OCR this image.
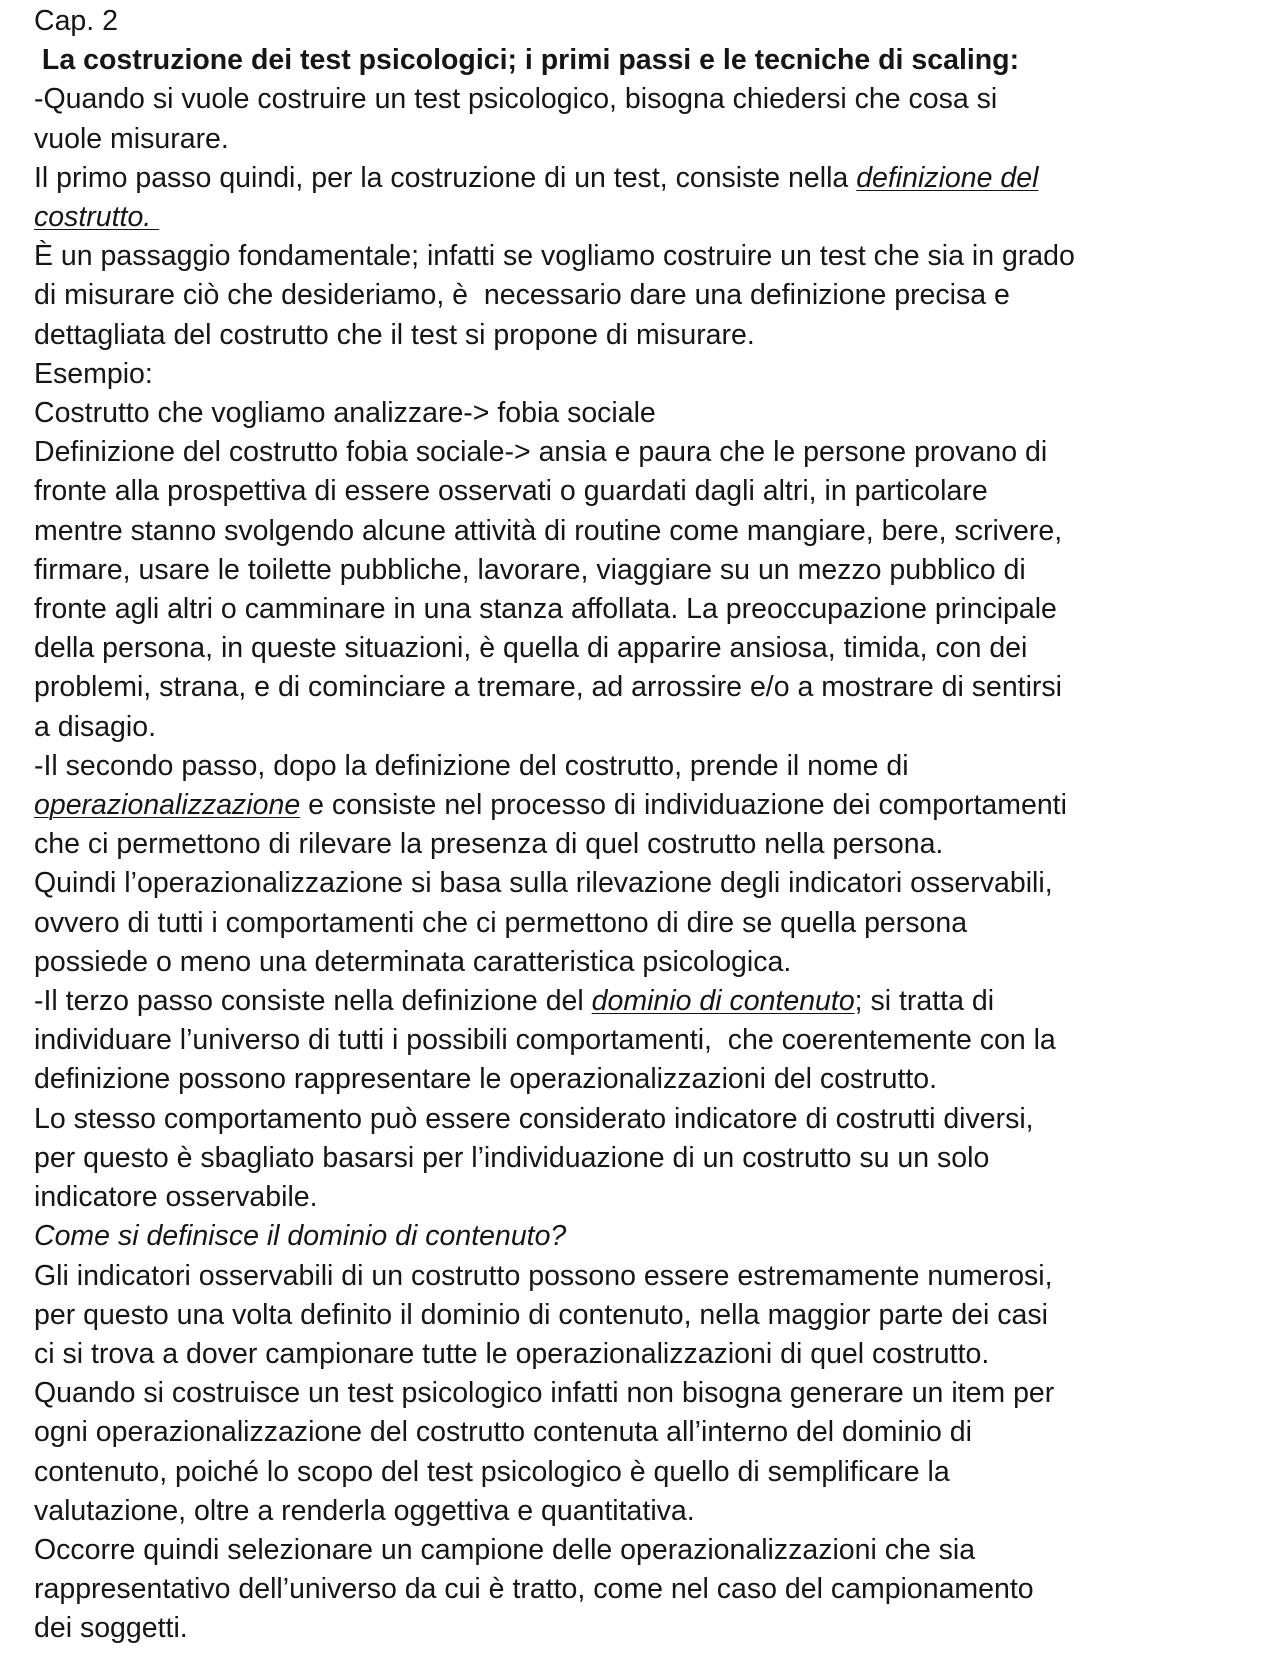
Cap. 2
La costruzione dei test psicologici; i primi passi e le tecniche di scaling:
-Quando si vuole costruire un test psicologico, bisogna chiedersi che cosa si
vuole misurare.
Il primo passo quindi, per la costruzione di un test, consiste nella definizione del
costrutto.
È un passaggio fondamentale; infatti se vogliamo costruire un test che sia in grado
di misurare ciò che desideriamo, è  necessario dare una definizione precisa e
dettagliata del costrutto che il test si propone di misurare.
Esempio:
Costrutto che vogliamo analizzare-> fobia sociale
Definizione del costrutto fobia sociale-> ansia e paura che le persone provano di
fronte alla prospettiva di essere osservati o guardati dagli altri, in particolare
mentre stanno svolgendo alcune attività di routine come mangiare, bere, scrivere,
firmare, usare le toilette pubbliche, lavorare, viaggiare su un mezzo pubblico di
fronte agli altri o camminare in una stanza affollata. La preoccupazione principale
della persona, in queste situazioni, è quella di apparire ansiosa, timida, con dei
problemi, strana, e di cominciare a tremare, ad arrossire e/o a mostrare di sentirsi
a disagio.
-Il secondo passo, dopo la definizione del costrutto, prende il nome di
operazionalizzazione e consiste nel processo di individuazione dei comportamenti
che ci permettono di rilevare la presenza di quel costrutto nella persona.
Quindi l’operazionalizzazione si basa sulla rilevazione degli indicatori osservabili,
ovvero di tutti i comportamenti che ci permettono di dire se quella persona
possiede o meno una determinata caratteristica psicologica.
-Il terzo passo consiste nella definizione del dominio di contenuto; si tratta di
individuare l’universo di tutti i possibili comportamenti,  che coerentemente con la
definizione possono rappresentare le operazionalizzazioni del costrutto.
Lo stesso comportamento può essere considerato indicatore di costrutti diversi,
per questo è sbagliato basarsi per l’individuazione di un costrutto su un solo
indicatore osservabile.
Come si definisce il dominio di contenuto?
Gli indicatori osservabili di un costrutto possono essere estremamente numerosi,
per questo una volta definito il dominio di contenuto, nella maggior parte dei casi
ci si trova a dover campionare tutte le operazionalizzazioni di quel costrutto.
Quando si costruisce un test psicologico infatti non bisogna generare un item per
ogni operazionalizzazione del costrutto contenuta all’interno del dominio di
contenuto, poiché lo scopo del test psicologico è quello di semplificare la
valutazione, oltre a renderla oggettiva e quantitativa.
Occorre quindi selezionare un campione delle operazionalizzazioni che sia
rappresentativo dell’universo da cui è tratto, come nel caso del campionamento
dei soggetti.
